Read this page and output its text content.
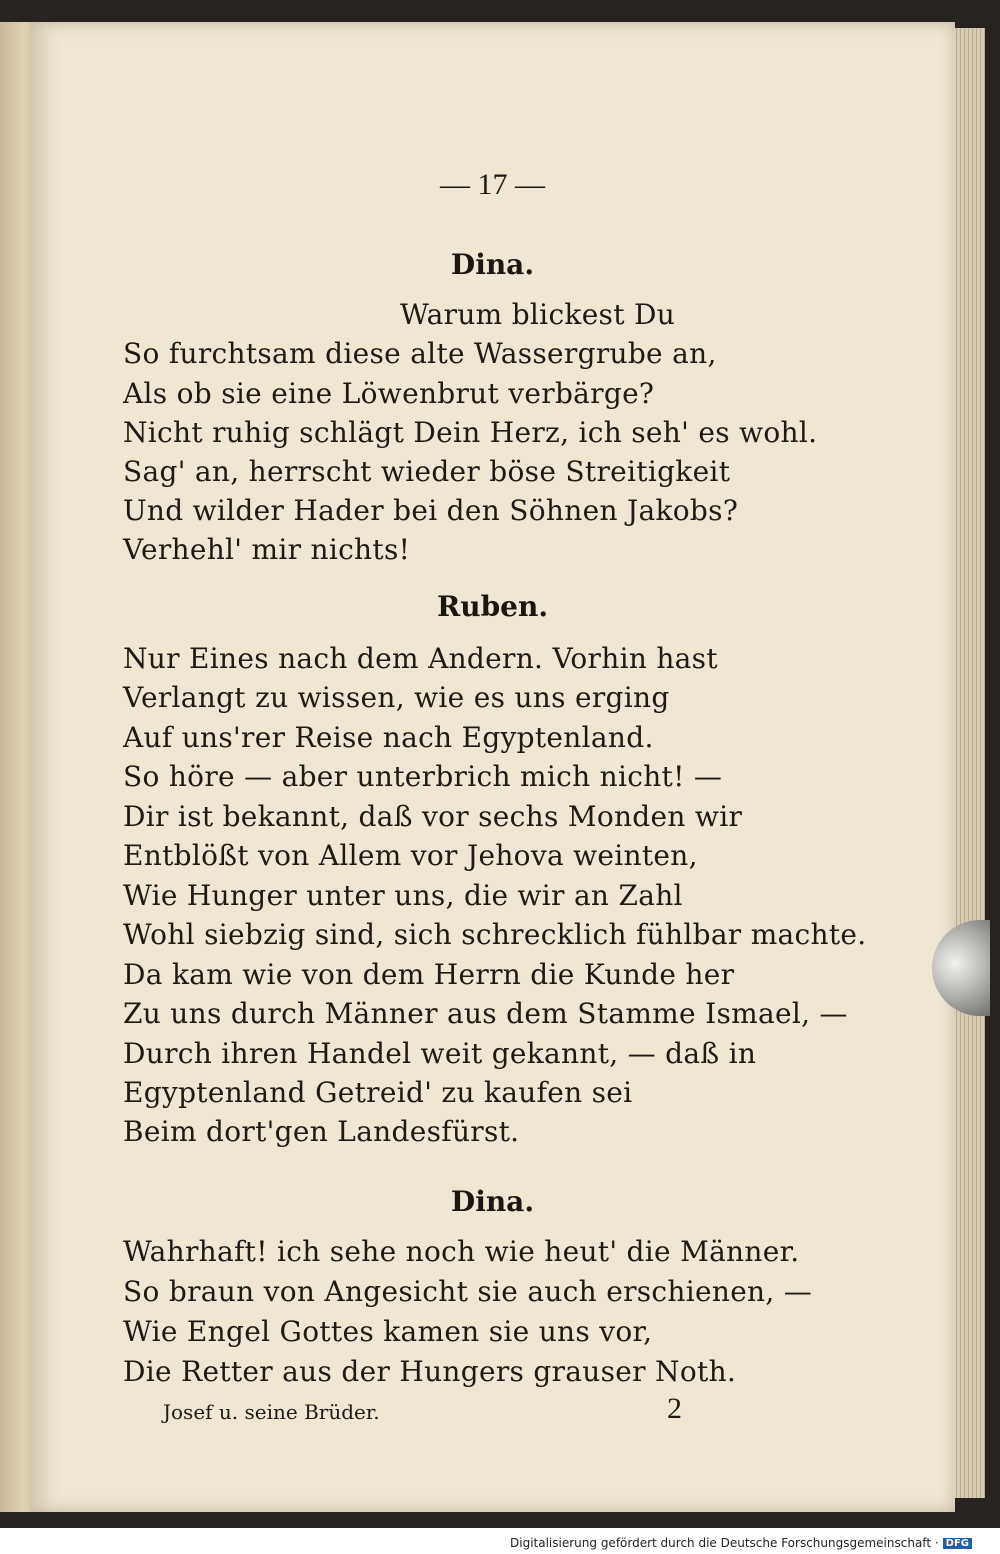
— 17 —
Dina.
Warum blickest Du
So furchtsam diese alte Wassergrube an,
Als ob sie eine Löwenbrut verbärge?
Nicht ruhig schlägt Dein Herz, ich seh' es wohl.
Sag' an, herrscht wieder böse Streitigkeit
Und wilder Hader bei den Söhnen Jakobs?
Verhehl' mir nichts!
Ruben.
Nur Eines nach dem Andern. Vorhin hast
Verlangt zu wissen, wie es uns erging
Auf uns'rer Reise nach Egyptenland.
So höre — aber unterbrich mich nicht! —
Dir ist bekannt, daß vor sechs Monden wir
Entblößt von Allem vor Jehova weinten,
Wie Hunger unter uns, die wir an Zahl
Wohl siebzig sind, sich schrecklich fühlbar machte.
Da kam wie von dem Herrn die Kunde her
Zu uns durch Männer aus dem Stamme Ismael, —
Durch ihren Handel weit gekannt, — daß in
Egyptenland Getreid' zu kaufen sei
Beim dort'gen Landesfürst.
Dina.
Wahrhaft! ich sehe noch wie heut' die Männer.
So braun von Angesicht sie auch erschienen, —
Wie Engel Gottes kamen sie uns vor,
Die Retter aus der Hungers grauser Noth.
Josef u. seine Brüder.	2
Digitalisierung gefördert durch die Deutsche Forschungsgemeinschaft · DFG
